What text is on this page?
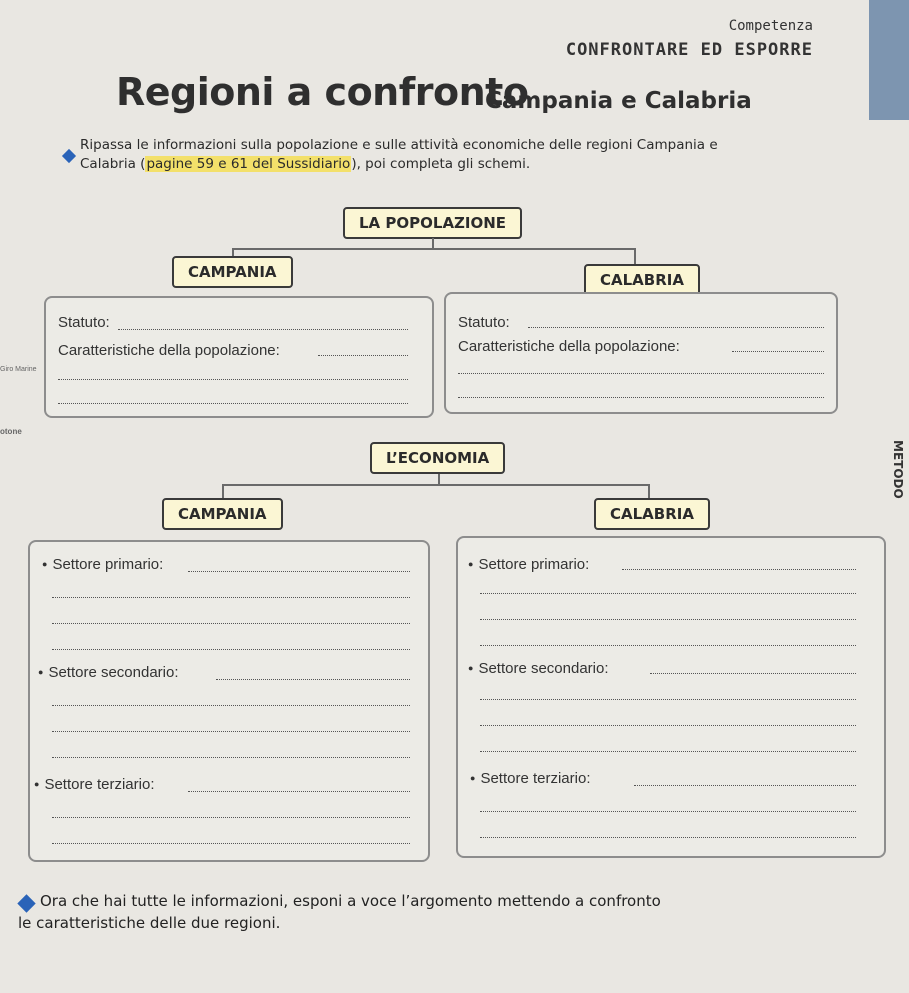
METODO
Giro Marine
otone
Competenza
CONFRONTARE ED ESPORRE
Regioni a confronto
Campania e Calabria
Ripassa le informazioni sulla popolazione e sulle attività economiche delle regioni Campania e Calabria (pagine 59 e 61 del Sussidiario), poi completa gli schemi.
LA POPOLAZIONE
CAMPANIA	CALABRIA
Statuto:
Caratteristiche della popolazione:
Statuto:
Caratteristiche della popolazione:
L’ECONOMIA
CAMPANIA	CALABRIA
● Settore primario:
● Settore secondario:
● Settore terziario:
● Settore primario:
● Settore secondario:
● Settore terziario:
Ora che hai tutte le informazioni, esponi a voce l’argomento mettendo a confronto
le caratteristiche delle due regioni.
